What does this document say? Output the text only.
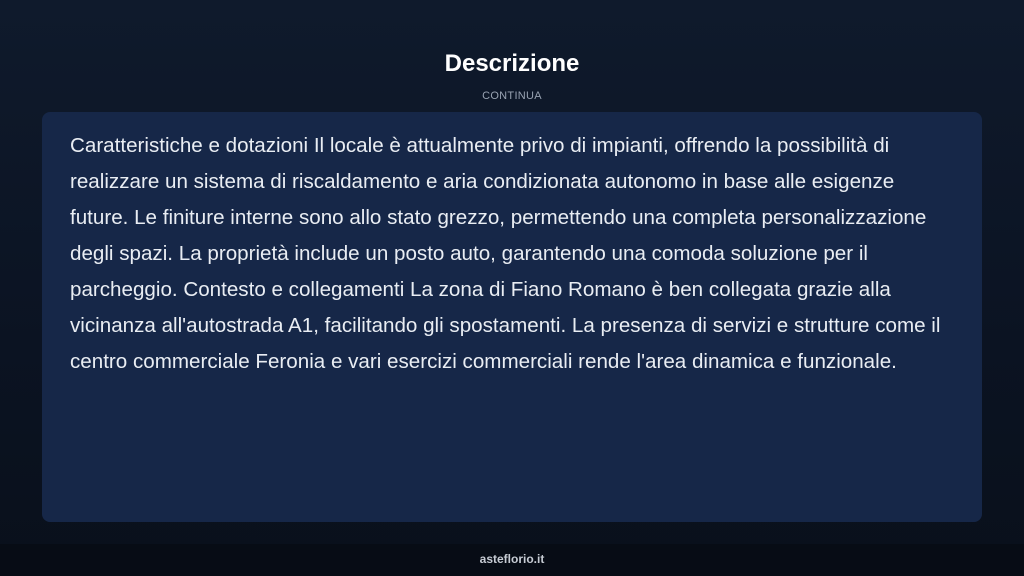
Descrizione
CONTINUA

Caratteristiche e dotazioni Il locale è attualmente privo di impianti, offrendo la possibilità di realizzare un sistema di riscaldamento e aria condizionata autonomo in base alle esigenze future. Le finiture interne sono allo stato grezzo, permettendo una completa personalizzazione degli spazi. La proprietà include un posto auto, garantendo una comoda soluzione per il parcheggio. Contesto e collegamenti La zona di Fiano Romano è ben collegata grazie alla vicinanza all'autostrada A1, facilitando gli spostamenti. La presenza di servizi e strutture come il centro commerciale Feronia e vari esercizi commerciali rende l'area dinamica e funzionale.

asteflorio.it
